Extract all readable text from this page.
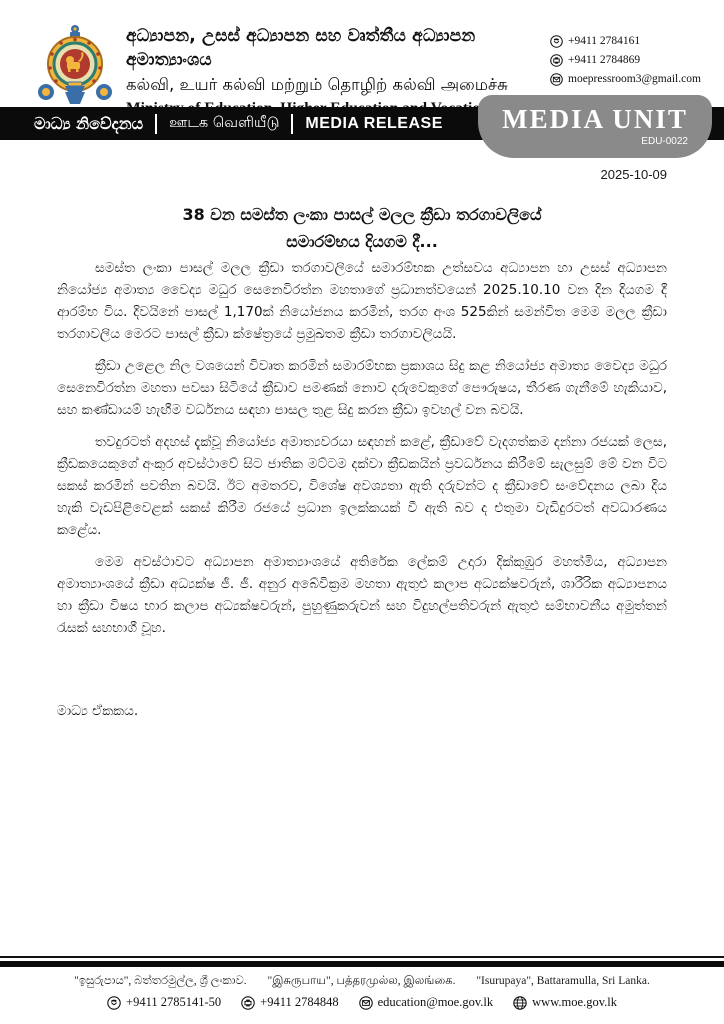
අධ්‍යාපන, උසස් අධ්‍යාපන සහ වෘත්තීය අධ්‍යාපන අමාත්‍යාංශය
கல்வி, உயர் கல்வி மற்றும் தொழிற் கல்வி அமைச்சு
+9411 2784161
+9411 2784869
moepressroom3@gmail.com
මාධ්‍ය නිවේදනය ஊடக வெளியீடு MEDIA RELEASE	MEDIA UNIT
EDU-0022
2025-10-09
38 වන සමස්ත ලංකා පාසල් මලල ක්‍රීඩා තරගාවලියේ
සමාරම්භය දියගම දී...

සමස්ත ලංකා පාසල් මලල ක්‍රීඩා තරගාවලියේ සමාරම්භක උත්සවය අධ්‍යාපන හා උසස් අධ්‍යාපන නියෝජ්‍ය අමාත්‍ය වෛද්‍ය මධුර සෙනෙවිරත්න මහතාගේ ප්‍රධානත්වයෙන් 2025.10.10 වන දින දියගම දී ආරම්භ විය. දිවයිනේ පාසල් 1,170ක් නියෝජනය කරමින්, තරග අංශ 525කින් සමන්විත මෙම මලල ක්‍රීඩා තරගාවලිය මෙරට පාසල් ක්‍රීඩා ක්ෂේත්‍රයේ ප්‍රමුඛතම ක්‍රීඩා තරගාවලියයි.

ක්‍රීඩා උළෙල නිල වශයෙන් විවෘත කරමින් සමාරම්භක ප්‍රකාශය සිදු කළ නියෝජ්‍ය අමාත්‍ය වෛද්‍ය මධුර සෙනෙවිරත්න මහතා පවසා සිටියේ ක්‍රීඩාව පමණක් නොව දරුවෙකුගේ පෞරුෂය, තීරණ ගැනීමේ හැකියාව, සහ කණ්ඩායම් හැඟීම වර්ධනය සඳහා පාසල තුළ සිදු කරන ක්‍රීඩා ඉවහල් වන බවයි.

තවදුරටත් අදහස් දැක්වූ නියෝජ්‍ය අමාත්‍යවරයා සඳහන් කළේ, ක්‍රීඩාවේ වැදගත්කම දන්නා රජයක් ලෙස, ක්‍රීඩකයෙකුගේ අංකුර අවස්ථාවේ සිට ජාතික මට්ටම දක්වා ක්‍රීඩකයින් ප්‍රවර්ධනය කිරීමේ සැලසුම් මේ වන විට සකස් කරමින් පවතින බවයි. ඊට අමතරව, විශේෂ අවශ්‍යතා ඇති දරුවන්ට ද ක්‍රීඩාවේ සංවේදනය ලබා දිය හැකි වැඩපිළිවෙළක් සකස් කිරීම රජයේ ප්‍රධාන ඉලක්කයක් වී ඇති බව ද එතුමා වැඩිදුරටත් අවධාරණය කළේය.

මෙම අවස්ථාවට අධ්‍යාපන අමාත්‍යාංශයේ අතිරේක ලේකම් උදාරා දික්කුඹුර මහත්මිය, අධ්‍යාපන අමාත්‍යාංශයේ ක්‍රීඩා අධ්‍යක්ෂ ජී. ජී. අනුර අබේවික්‍රම මහතා ඇතුළු කලාප අධ්‍යක්ෂවරුන්, ශාරීරික අධ්‍යාපනය හා ක්‍රීඩා විෂය භාර කලාප අධ්‍යක්ෂවරුන්, පුහුණුකරුවන් සහ විදුහල්පතිවරුන් ඇතුළු සම්භාවනීය අමුත්තන් රැසක් සහභාගී වූහ.

මාධ්‍ය ඒකකය.
"ඉසුරුපාය", බත්තරමුල්ල, ශ්‍රී ලංකාව. "இசுருபாய", பத்தரமுல்ல, இலங்கை. "Isurupaya", Battaramulla, Sri Lanka.
+9411 2785141-50	+9411 2784848	education@moe.gov.lk	www.moe.gov.lk
